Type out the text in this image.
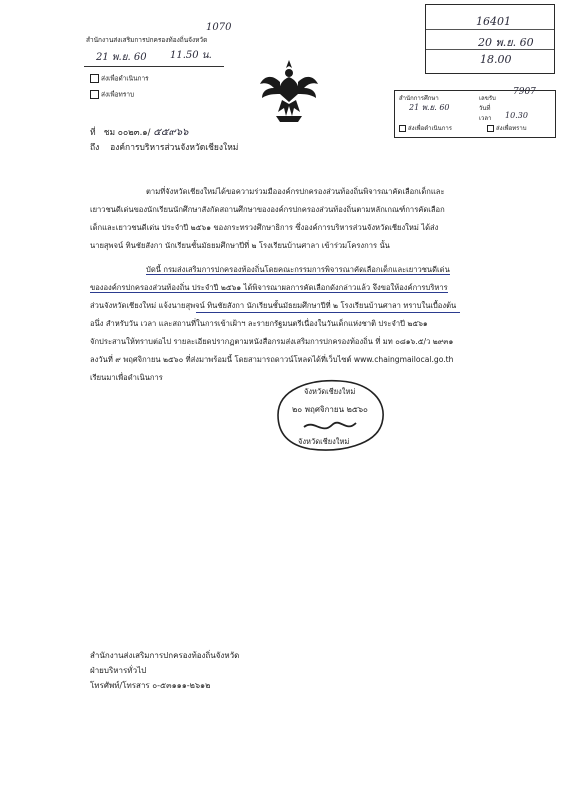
1070
สำนักงานส่งเสริมการปกครองท้องถิ่นจังหวัด
21 พ.ย. 60 11.50 น.
ส่งเพื่อดำเนินการ
ส่งเพื่อทราบ
16401
20 พ.ย. 60
18.00
สำนักการศึกษา	เลขรับ
7907
วันที่
21 พ.ย. 60
เวลา 10.30
ส่งเพื่อดำเนินการ	ส่งเพื่อทราบ
ที่ ชม ๐๐๒๓.๑/ ๕๕๙๖๖
ถึง องค์การบริหารส่วนจังหวัดเชียงใหม่
ตามที่จังหวัดเชียงใหม่ได้ขอความร่วมมือองค์กรปกครองส่วนท้องถิ่นพิจารณาคัดเลือกเด็กและ
เยาวชนดีเด่นของนักเรียนนักศึกษาสังกัดสถานศึกษาขององค์กรปกครองส่วนท้องถิ่นตามหลักเกณฑ์การคัดเลือก
เด็กและเยาวชนดีเด่น ประจำปี ๒๕๖๑ ของกระทรวงศึกษาธิการ ซึ่งองค์การบริหารส่วนจังหวัดเชียงใหม่ ได้ส่ง
นายสุพจน์ ทินชัยสังกา นักเรียนชั้นมัธยมศึกษาปีที่ ๒ โรงเรียนบ้านศาลา เข้าร่วมโครงการ นั้น
บัดนี้ กรมส่งเสริมการปกครองท้องถิ่นโดยคณะกรรมการพิจารณาคัดเลือกเด็กและเยาวชนดีเด่น
ขององค์กรปกครองส่วนท้องถิ่น ประจำปี ๒๕๖๑ ได้พิจารณาผลการคัดเลือกดังกล่าวแล้ว จึงขอให้องค์การบริหาร
ส่วนจังหวัดเชียงใหม่ แจ้งนายสุพจน์ ทินชัยสังกา นักเรียนชั้นมัธยมศึกษาปีที่ ๒ โรงเรียนบ้านศาลา ทราบในเบื้องต้น
อนึ่ง สำหรับวัน เวลา และสถานที่ในการเข้าเฝ้าฯ ละรายกรัฐมนตรีเนื่องในวันเด็กแห่งชาติ ประจำปี ๒๕๖๑
จักประสานให้ทราบต่อไป รายละเอียดปรากฏตามหนังสือกรมส่งเสริมการปกครองท้องถิ่น ที่ มท ๐๘๑๖.๕/ว ๒๙๓๑
ลงวันที่ ๙ พฤศจิกายน ๒๕๖๐ ที่ส่งมาพร้อมนี้ โดยสามารถดาวน์โหลดได้ที่เว็บไซต์ www.chaingmailocal.go.th
เรียนมาเพื่อดำเนินการ
จังหวัดเชียงใหม่
๒๐ พฤศจิกายน ๒๕๖๐
จังหวัดเชียงใหม่
สำนักงานส่งเสริมการปกครองท้องถิ่นจังหวัด
ฝ่ายบริหารทั่วไป
โทรศัพท์/โทรสาร ๐-๕๓๑๑๑-๒๖๑๒
